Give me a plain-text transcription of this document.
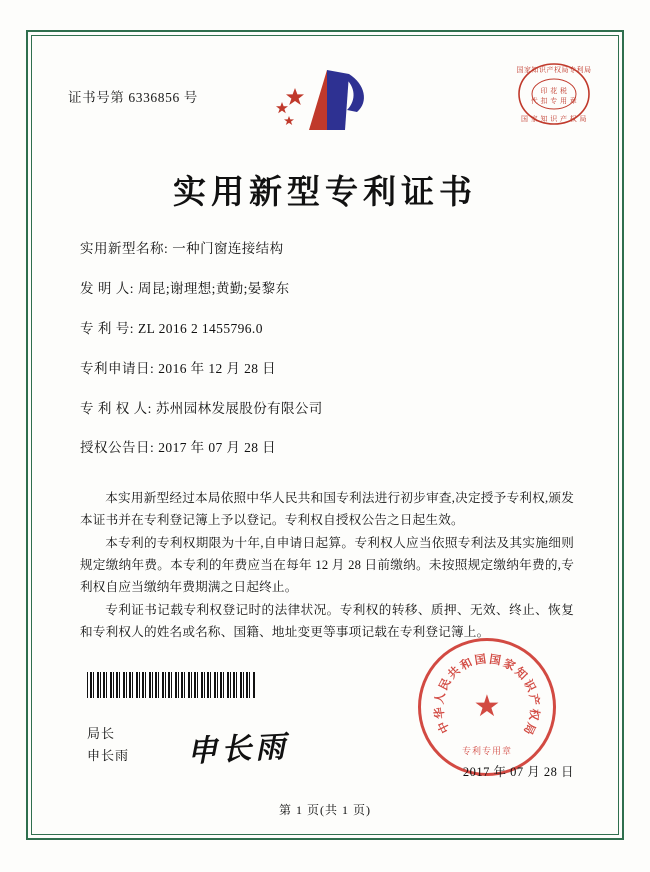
证书号第 6336856 号
国家知识产权局专利局
印 花 税
代 扣 专 用 章
国 家 知 识 产 权 局
实用新型专利证书
实用新型名称: 一种门窗连接结构
发 明 人: 周昆;谢理想;黄勤;晏黎东
专 利 号: ZL 2016 2 1455796.0
专利申请日: 2016 年 12 月 28 日
专 利 权 人: 苏州园林发展股份有限公司
授权公告日: 2017 年 07 月 28 日

本实用新型经过本局依照中华人民共和国专利法进行初步审查,决定授予专利权,颁发本证书并在专利登记簿上予以登记。专利权自授权公告之日起生效。

本专利的专利权期限为十年,自申请日起算。专利权人应当依照专利法及其实施细则规定缴纳年费。本专利的年费应当在每年 12 月 28 日前缴纳。未按照规定缴纳年费的,专利权自应当缴纳年费期满之日起终止。

专利证书记载专利权登记时的法律状况。专利权的转移、质押、无效、终止、恢复和专利权人的姓名或名称、国籍、地址变更等事项记载在专利登记簿上。

局长
申长雨 申长雨
★
专利专用章
中
华
人
民
共
和 国 国 家
知
识
产
权
局
2017 年 07 月 28 日
第 1 页(共 1 页)
